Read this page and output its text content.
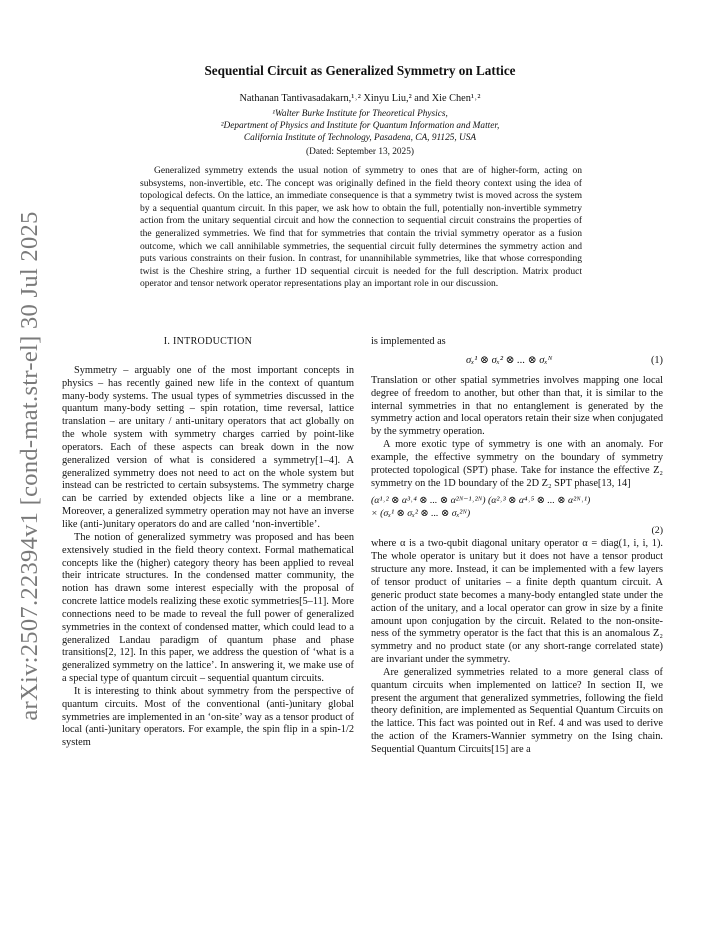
arXiv:2507.22394v1 [cond-mat.str-el] 30 Jul 2025
Sequential Circuit as Generalized Symmetry on Lattice
Nathanan Tantivasadakarn,¹˒² Xinyu Liu,² and Xie Chen¹˒²
¹Walter Burke Institute for Theoretical Physics,
²Department of Physics and Institute for Quantum Information and Matter,
California Institute of Technology, Pasadena, CA, 91125, USA
(Dated: September 13, 2025)

Generalized symmetry extends the usual notion of symmetry to ones that are of higher-form, acting on subsystems, non-invertible, etc. The concept was originally defined in the field theory context using the idea of topological defects. On the lattice, an immediate consequence is that a symmetry twist is moved across the system by a sequential quantum circuit. In this paper, we ask how to obtain the full, potentially non-invertible symmetry action from the unitary sequential circuit and how the connection to sequential circuit constrains the properties of the generalized symmetries. We find that for symmetries that contain the trivial symmetry operator as a fusion outcome, which we call annihilable symmetries, the sequential circuit fully determines the symmetry action and puts various constraints on their fusion. In contrast, for unannihilable symmetries, like that whose corresponding twist is the Cheshire string, a further 1D sequential circuit is needed for the full description. Matrix product operator and tensor network operator representations play an important role in our discussion.

I. INTRODUCTION

Symmetry – arguably one of the most important concepts in physics – has recently gained new life in the context of quantum many-body systems. The usual types of symmetries discussed in the quantum many-body setting – spin rotation, time reversal, lattice translation – are unitary / anti-unitary operators that act globally on the whole system with symmetry charges carried by point-like operators. Each of these aspects can break down in the now generalized version of what is considered a symmetry[1–4]. A generalized symmetry does not need to act on the whole system but instead can be restricted to certain subsystems. The symmetry charge can be carried by extended objects like a line or a membrane. Moreover, a generalized symmetry operation may not have an inverse like (anti-)unitary operators do and are called ‘non-invertible’.

The notion of generalized symmetry was proposed and has been extensively studied in the field theory context. Formal mathematical concepts like the (higher) category theory has been applied to reveal their intricate structures. In the condensed matter community, the notion has drawn some interest especially with the proposal of concrete lattice models realizing these exotic symmetries[5–11]. More connections need to be made to reveal the full power of generalized symmetries in the context of condensed matter, which could lead to a generalized Landau paradigm of quantum phase and phase transitions[2, 12]. In this paper, we address the question of ‘what is a generalized symmetry on the lattice’. In answering it, we make use of a special type of quantum circuit – sequential quantum circuits.

It is interesting to think about symmetry from the perspective of quantum circuits. Most of the conventional (anti-)unitary global symmetries are implemented in an ‘on-site’ way as a tensor product of local (anti-)unitary operators. For example, the spin flip in a spin-1/2 system

is implemented as

σₓ¹ ⊗ σₓ² ⊗ ... ⊗ σₓᴺ	(1)

Translation or other spatial symmetries involves mapping one local degree of freedom to another, but other than that, it is similar to the internal symmetries in that no entanglement is generated by the symmetry action and local operators retain their size when conjugated by the symmetry operation.

A more exotic type of symmetry is one with an anomaly. For example, the effective symmetry on the boundary of symmetry protected topological (SPT) phase. Take for instance the effective Z₂ symmetry on the 1D boundary of the 2D Z₂ SPT phase[13, 14]

(α¹˒² ⊗ α³˒⁴ ⊗ ... ⊗ α²ᴺ⁻¹˒²ᴺ) (α²˒³ ⊗ α⁴˒⁵ ⊗ ... ⊗ α²ᴺ˒¹)
× (σₓ¹ ⊗ σₓ² ⊗ ... ⊗ σₓ²ᴺ)
(2)

where α is a two-qubit diagonal unitary operator α = diag(1, i, i, 1). The whole operator is unitary but it does not have a tensor product structure any more. Instead, it can be implemented with a few layers of tensor product of unitaries – a finite depth quantum circuit. A generic product state becomes a many-body entangled state under the action of the unitary, and a local operator can grow in size by a finite amount upon conjugation by the circuit. Related to the non-onsite-ness of the symmetry operator is the fact that this is an anomalous Z₂ symmetry and no product state (or any short-range correlated state) are invariant under the symmetry.

Are generalized symmetries related to a more general class of quantum circuits when implemented on lattice? In section II, we present the argument that generalized symmetries, following the field theory definition, are implemented as Sequential Quantum Circuits on the lattice. This fact was pointed out in Ref. 4 and was used to derive the action of the Kramers-Wannier symmetry on the Ising chain. Sequential Quantum Circuits[15] are a
